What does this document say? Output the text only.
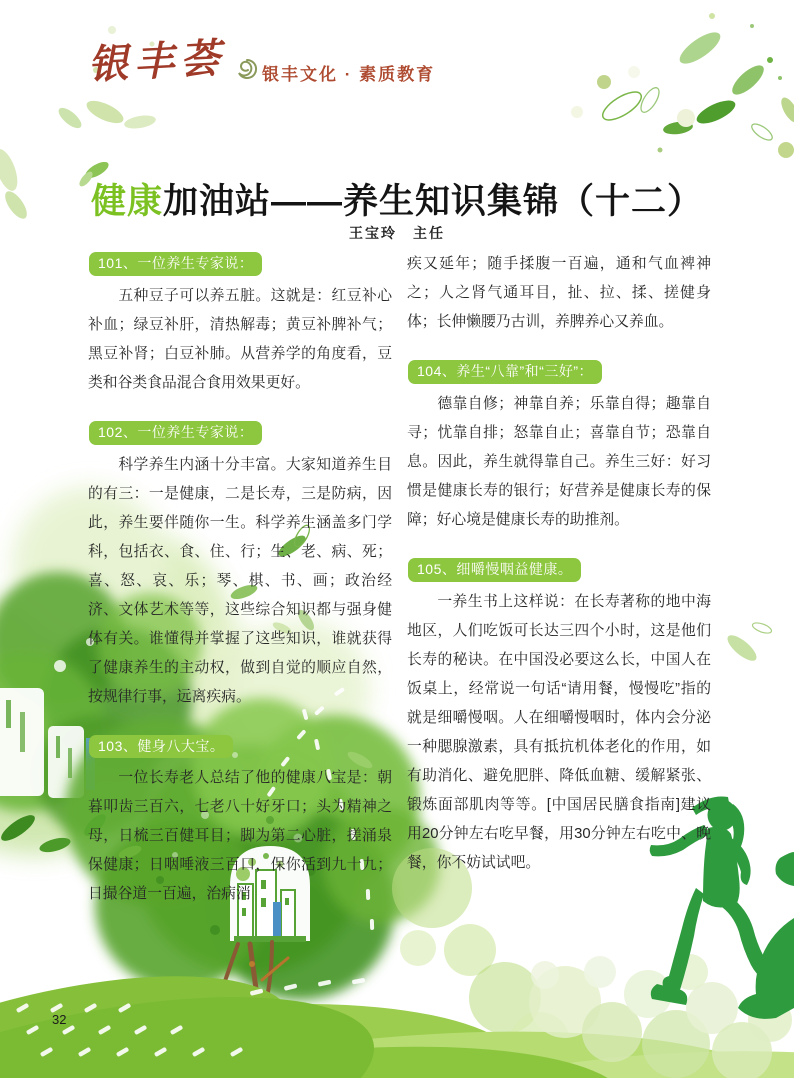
银丰荟 银丰文化 · 素质教育
健康加油站——养生知识集锦（十二）
王宝玲　主任
101、一位养生专家说：

五种豆子可以养五脏。这就是：红豆补心补血；绿豆补肝，清热解毒；黄豆补脾补气；黑豆补肾；白豆补肺。从营养学的角度看，豆类和谷类食品混合食用效果更好。

102、一位养生专家说：

科学养生内涵十分丰富。大家知道养生目的有三：一是健康，二是长寿，三是防病，因此，养生要伴随你一生。科学养生涵盖多门学科，包括衣、食、住、行；生、老、病、死；喜、怒、哀、乐；琴、棋、书、画；政治经济、文体艺术等等，这些综合知识都与强身健体有关。谁懂得并掌握了这些知识，谁就获得了健康养生的主动权，做到自觉的顺应自然，按规律行事，远离疾病。

103、健身八大宝。

一位长寿老人总结了他的健康八宝是：朝暮叩齿三百六，七老八十好牙口；头为精神之母，日梳三百健耳目；脚为第二心脏，搓涌泉保健康；日咽唾液三百口，保你活到九十九；日撮谷道一百遍，治病消

疾又延年；随手揉腹一百遍，通和气血裨神之；人之肾气通耳目，扯、拉、揉、搓健身体；长伸懒腰乃古训，养脾养心又养血。

104、养生“八靠”和“三好”：

德靠自修；神靠自养；乐靠自得；趣靠自寻；忧靠自排；怒靠自止；喜靠自节；恐靠自息。因此，养生就得靠自己。养生三好：好习惯是健康长寿的银行；好营养是健康长寿的保障；好心境是健康长寿的助推剂。

105、细嚼慢咽益健康。

一养生书上这样说：在长寿著称的地中海地区，人们吃饭可长达三四个小时，这是他们长寿的秘诀。在中国没必要这么长，中国人在饭桌上，经常说一句话“请用餐，慢慢吃”指的就是细嚼慢咽。人在细嚼慢咽时，体内会分泌一种腮腺激素，具有抵抗机体老化的作用，如有助消化、避免肥胖、降低血糖、缓解紧张、锻炼面部肌肉等等。[中国居民膳食指南]建议用20分钟左右吃早餐，用30分钟左右吃中、晚餐，你不妨试试吧。

32
